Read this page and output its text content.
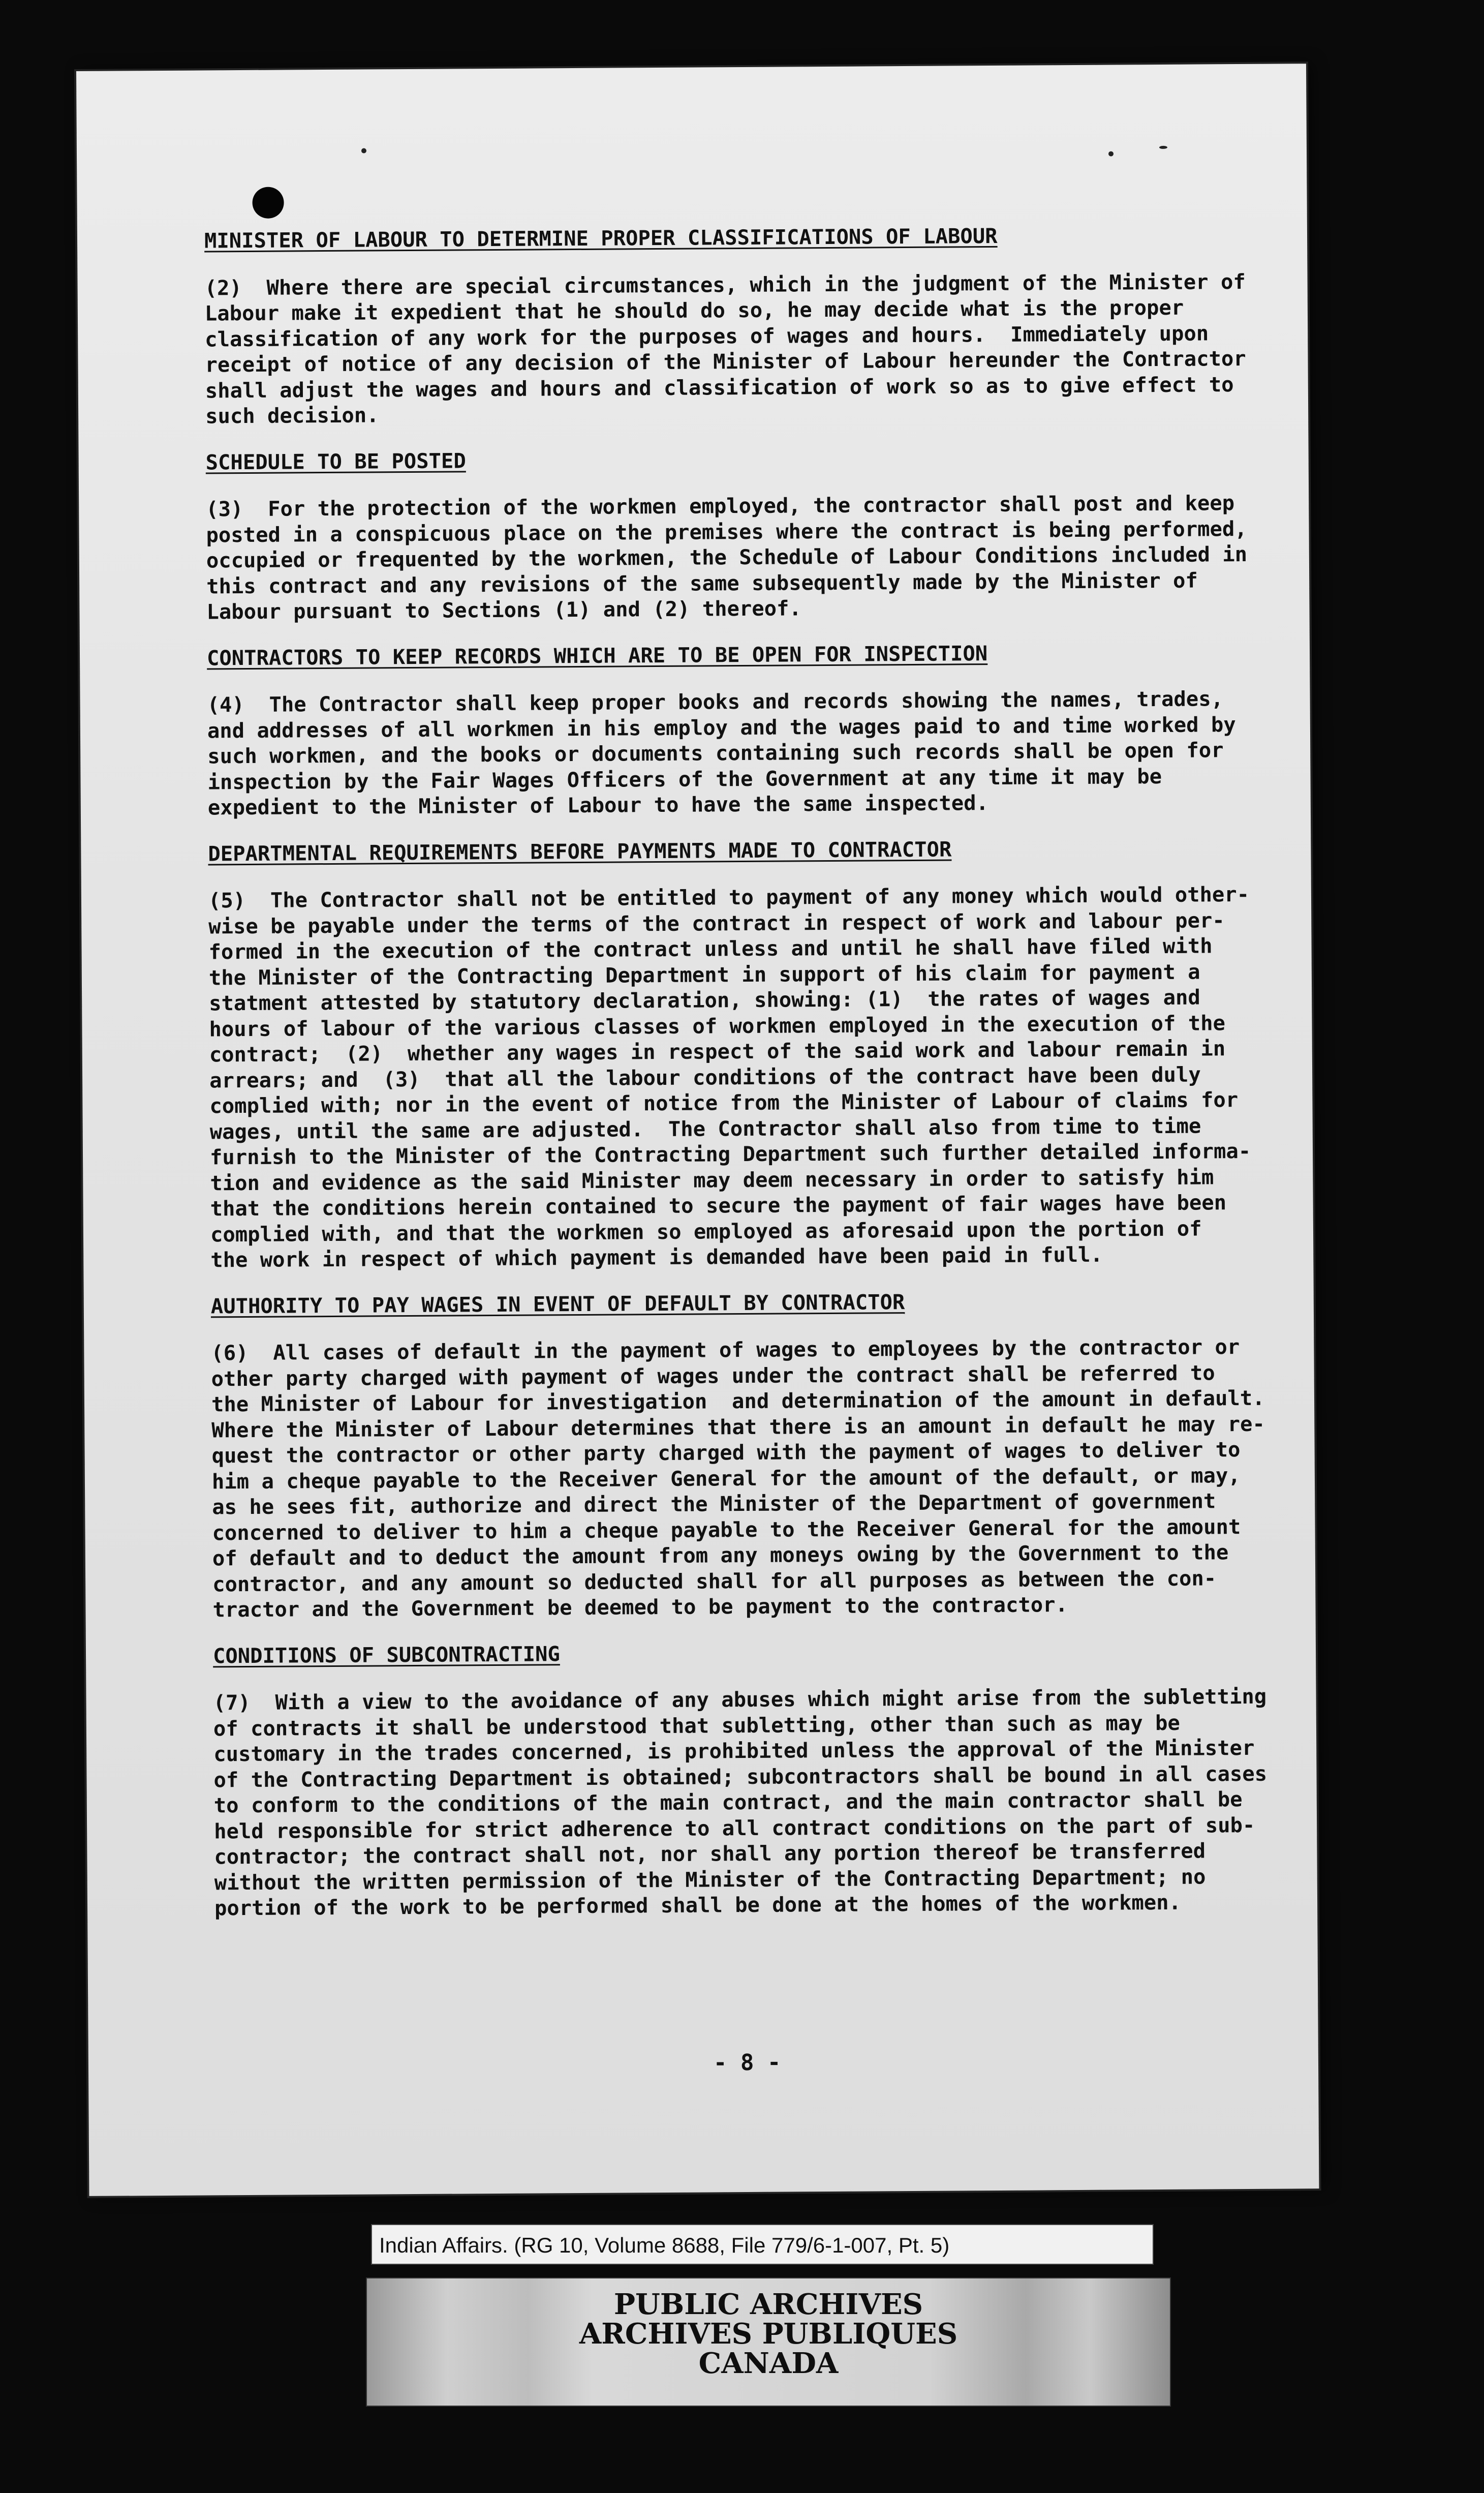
MINISTER OF LABOUR TO DETERMINE PROPER CLASSIFICATIONS OF LABOUR
(2)  Where there are special circumstances, which in the judgment of the Minister of
Labour make it expedient that he should do so, he may decide what is the proper
classification of any work for the purposes of wages and hours.  Immediately upon
receipt of notice of any decision of the Minister of Labour hereunder the Contractor
shall adjust the wages and hours and classification of work so as to give effect to
such decision.
SCHEDULE TO BE POSTED
(3)  For the protection of the workmen employed, the contractor shall post and keep
posted in a conspicuous place on the premises where the contract is being performed,
occupied or frequented by the workmen, the Schedule of Labour Conditions included in
this contract and any revisions of the same subsequently made by the Minister of
Labour pursuant to Sections (1) and (2) thereof.
CONTRACTORS TO KEEP RECORDS WHICH ARE TO BE OPEN FOR INSPECTION
(4)  The Contractor shall keep proper books and records showing the names, trades,
and addresses of all workmen in his employ and the wages paid to and time worked by
such workmen, and the books or documents containing such records shall be open for
inspection by the Fair Wages Officers of the Government at any time it may be
expedient to the Minister of Labour to have the same inspected.
DEPARTMENTAL REQUIREMENTS BEFORE PAYMENTS MADE TO CONTRACTOR
(5)  The Contractor shall not be entitled to payment of any money which would other-
wise be payable under the terms of the contract in respect of work and labour per-
formed in the execution of the contract unless and until he shall have filed with
the Minister of the Contracting Department in support of his claim for payment a
statment attested by statutory declaration, showing: (1)  the rates of wages and
hours of labour of the various classes of workmen employed in the execution of the
contract;  (2)  whether any wages in respect of the said work and labour remain in
arrears; and  (3)  that all the labour conditions of the contract have been duly
complied with; nor in the event of notice from the Minister of Labour of claims for
wages, until the same are adjusted.  The Contractor shall also from time to time
furnish to the Minister of the Contracting Department such further detailed informa-
tion and evidence as the said Minister may deem necessary in order to satisfy him
that the conditions herein contained to secure the payment of fair wages have been
complied with, and that the workmen so employed as aforesaid upon the portion of
the work in respect of which payment is demanded have been paid in full.
AUTHORITY TO PAY WAGES IN EVENT OF DEFAULT BY CONTRACTOR
(6)  All cases of default in the payment of wages to employees by the contractor or
other party charged with payment of wages under the contract shall be referred to
the Minister of Labour for investigation  and determination of the amount in default.
Where the Minister of Labour determines that there is an amount in default he may re-
quest the contractor or other party charged with the payment of wages to deliver to
him a cheque payable to the Receiver General for the amount of the default, or may,
as he sees fit, authorize and direct the Minister of the Department of government
concerned to deliver to him a cheque payable to the Receiver General for the amount
of default and to deduct the amount from any moneys owing by the Government to the
contractor, and any amount so deducted shall for all purposes as between the con-
tractor and the Government be deemed to be payment to the contractor.
CONDITIONS OF SUBCONTRACTING
(7)  With a view to the avoidance of any abuses which might arise from the subletting
of contracts it shall be understood that subletting, other than such as may be
customary in the trades concerned, is prohibited unless the approval of the Minister
of the Contracting Department is obtained; subcontractors shall be bound in all cases
to conform to the conditions of the main contract, and the main contractor shall be
held responsible for strict adherence to all contract conditions on the part of sub-
contractor; the contract shall not, nor shall any portion thereof be transferred
without the written permission of the Minister of the Contracting Department; no
portion of the work to be performed shall be done at the homes of the workmen.
- 8 -
Indian Affairs. (RG 10, Volume 8688, File 779/6-1-007, Pt. 5)
PUBLIC ARCHIVES
ARCHIVES PUBLIQUES
CANADA
